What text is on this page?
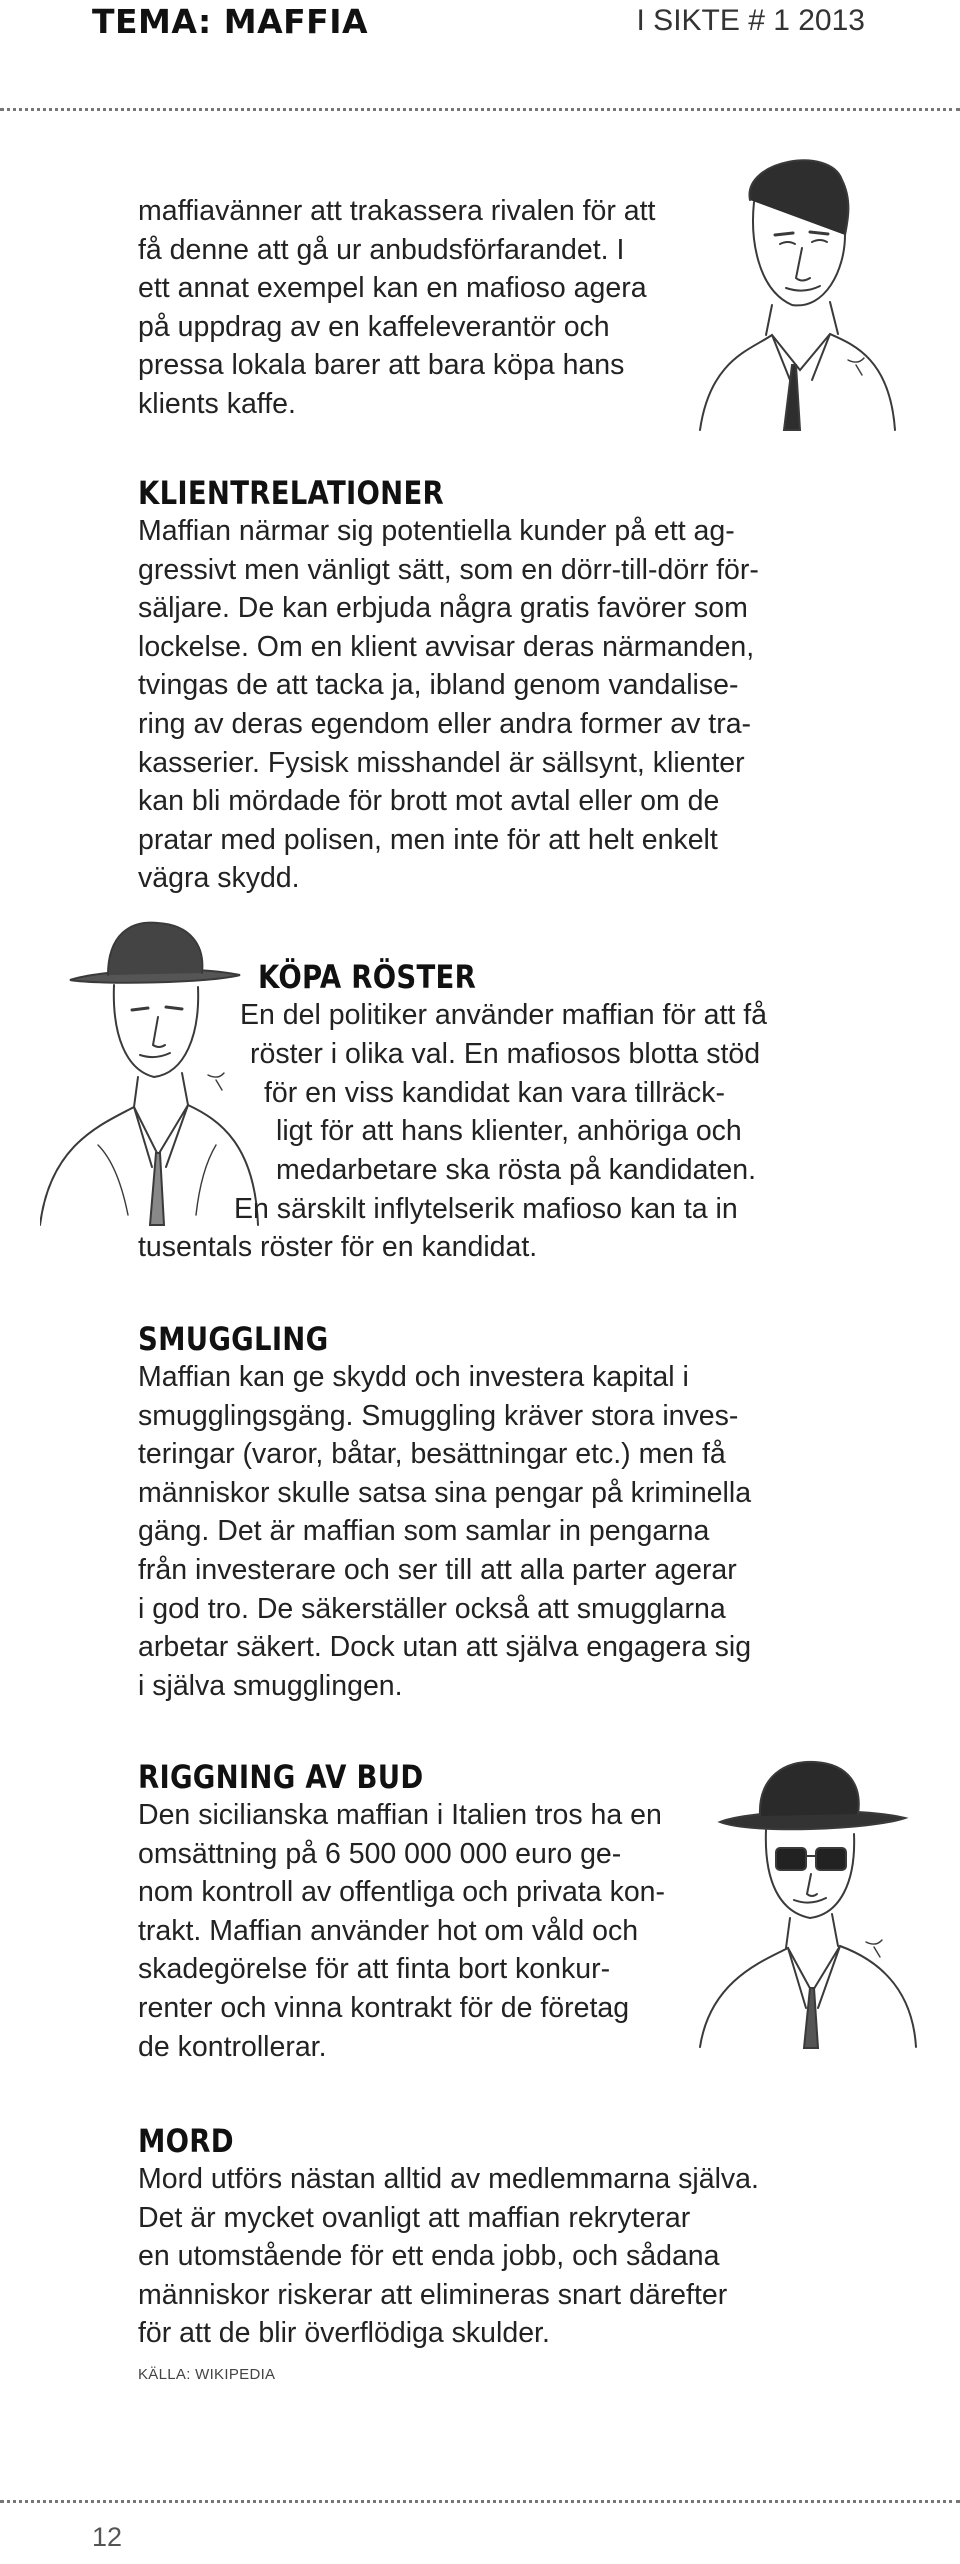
TEMA: MAFFIA	I SIKTE # 1 2013
maffiavänner att trakassera rivalen för att
få denne att gå ur anbudsförfarandet. I
ett annat exempel kan en mafioso agera
på uppdrag av en kaffeleverantör och
pressa lokala barer att bara köpa hans
klients kaffe.
KLIENTRELATIONER
Maffian närmar sig potentiella kunder på ett ag-
gressivt men vänligt sätt, som en dörr-till-dörr för-
säljare. De kan erbjuda några gratis favörer som
lockelse. Om en klient avvisar deras närmanden,
tvingas de att tacka ja, ibland genom vandalise-
ring av deras egendom eller andra former av tra-
kasserier. Fysisk misshandel är sällsynt, klienter
kan bli mördade för brott mot avtal eller om de
pratar med polisen, men inte för att helt enkelt
vägra skydd.
KÖPA RÖSTER
En del politiker använder maffian för att få
röster i olika val. En mafiosos blotta stöd
för en viss kandidat kan vara tillräck-
ligt för att hans klienter, anhöriga och
medarbetare ska rösta på kandidaten.
En särskilt inflytelserik mafioso kan ta in
tusentals röster för en kandidat.
SMUGGLING
Maffian kan ge skydd och investera kapital i
smugglingsgäng. Smuggling kräver stora inves-
teringar (varor, båtar, besättningar etc.) men få
människor skulle satsa sina pengar på kriminella
gäng. Det är maffian som samlar in pengarna
från investerare och ser till att alla parter agerar
i god tro. De säkerställer också att smugglarna
arbetar säkert. Dock utan att själva engagera sig
i själva smugglingen.
RIGGNING AV BUD
Den sicilianska maffian i Italien tros ha en
omsättning på 6 500 000 000 euro ge-
nom kontroll av offentliga och privata kon-
trakt. Maffian använder hot om våld och
skadegörelse för att finta bort konkur-
renter och vinna kontrakt för de företag
de kontrollerar.
MORD
Mord utförs nästan alltid av medlemmarna själva.
Det är mycket ovanligt att maffian rekryterar
en utomstående för ett enda jobb, och sådana
människor riskerar att elimineras snart därefter
för att de blir överflödiga skulder.
KÄLLA: WIKIPEDIA
12
